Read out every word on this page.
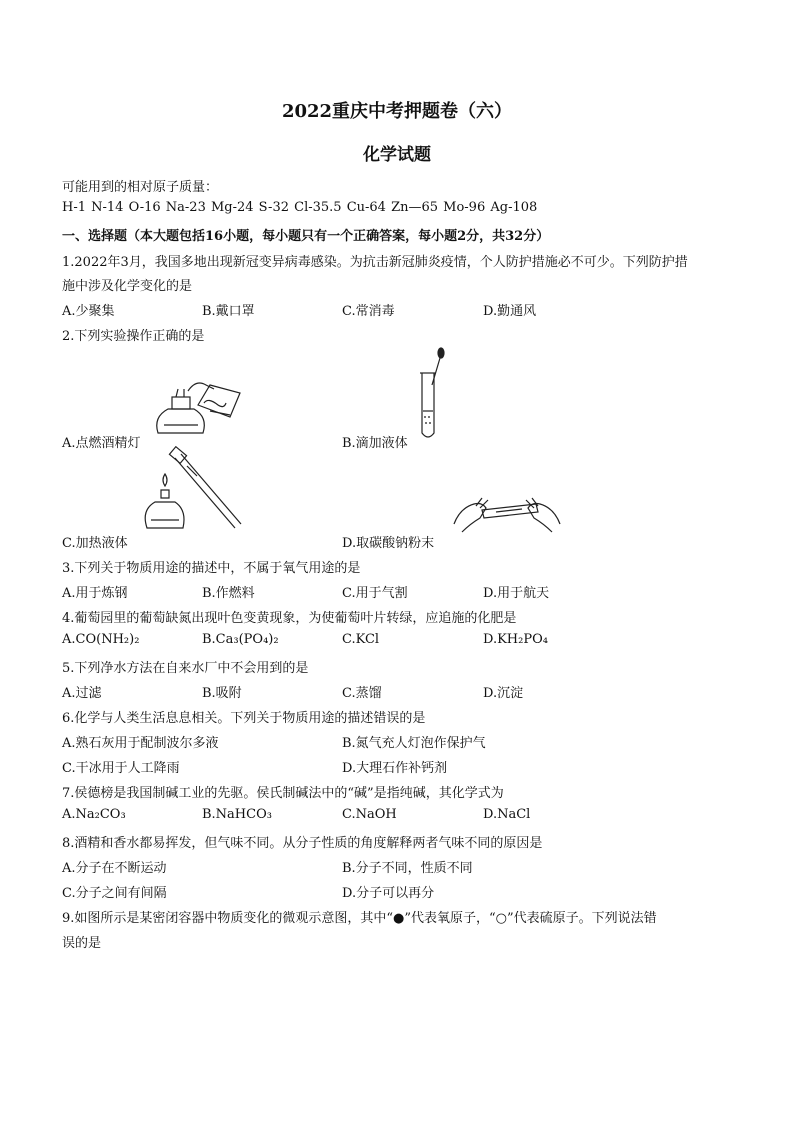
2022重庆中考押题卷（六）
化学试题
可能用到的相对原子质量：
H-1 N-14 O-16 Na-23 Mg-24 S-32 Cl-35.5 Cu-64 Zn—65 Mo-96 Ag-108
一、选择题（本大题包括16小题，每小题只有一个正确答案，每小题2分，共32分）
1.2022年3月，我国多地出现新冠变异病毒感染。为抗击新冠肺炎疫情，个人防护措施必不可少。下列防护措
施中涉及化学变化的是
A.少聚集	B.戴口罩	C.常消毒	D.勤通风
2.下列实验操作正确的是
A.点燃酒精灯	B.滴加液体
C.加热液体	D.取碳酸钠粉末
3.下列关于物质用途的描述中，不属于氧气用途的是
A.用于炼钢	B.作燃料	C.用于气割	D.用于航天
4.葡萄园里的葡萄缺氮出现叶色变黄现象，为使葡萄叶片转绿，应追施的化肥是
A.CO(NH₂)₂	B.Ca₃(PO₄)₂	C.KCl	D.KH₂PO₄
5.下列净水方法在自来水厂中不会用到的是
A.过滤	B.吸附	C.蒸馏	D.沉淀
6.化学与人类生活息息相关。下列关于物质用途的描述错误的是
A.熟石灰用于配制波尔多液	B.氮气充人灯泡作保护气
C.干冰用于人工降雨	D.大理石作补钙剂
7.侯德榜是我国制碱工业的先驱。侯氏制碱法中的“碱”是指纯碱，其化学式为
A.Na₂CO₃	B.NaHCO₃	C.NaOH	D.NaCl
8.酒精和香水都易挥发，但气味不同。从分子性质的角度解释两者气味不同的原因是
A.分子在不断运动	B.分子不同，性质不同
C.分子之间有间隔	D.分子可以再分
9.如图所示是某密闭容器中物质变化的微观示意图，其中“●”代表氧原子，“○”代表硫原子。下列说法错
误的是
